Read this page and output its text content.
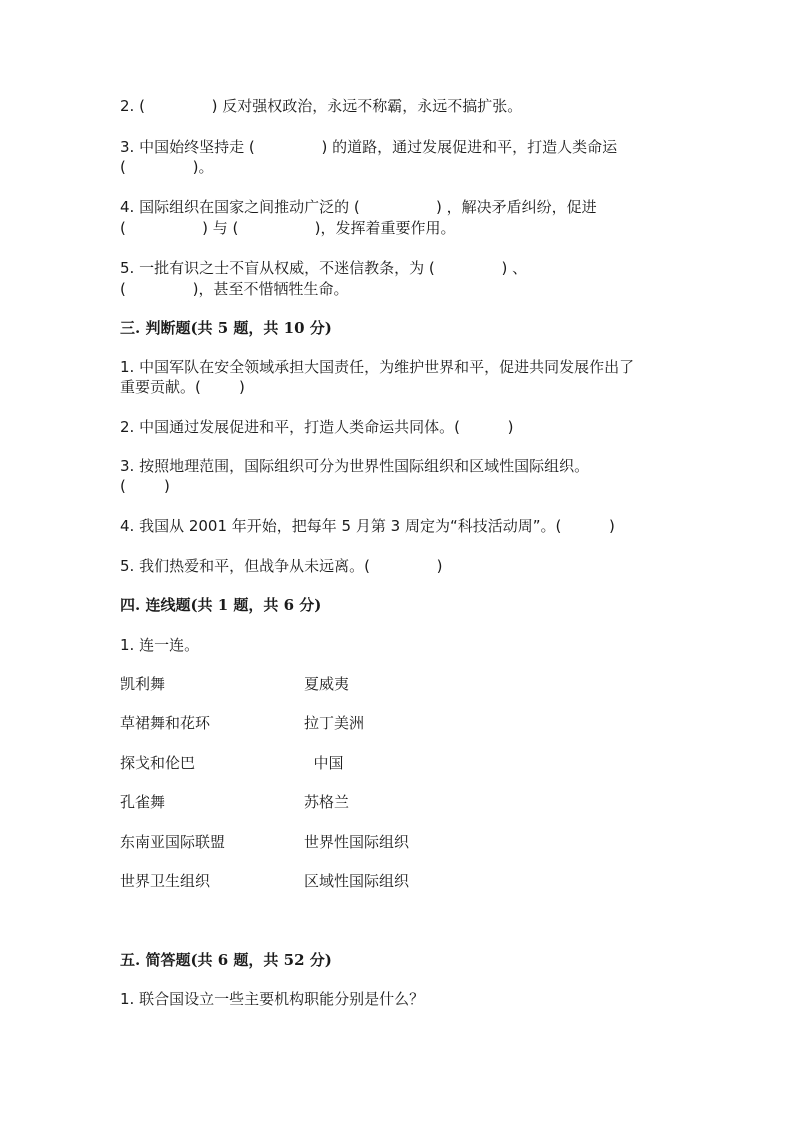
2. (              ) 反对强权政治，永远不称霸，永远不搞扩张。

3. 中国始终坚持走 (              ) 的道路，通过发展促进和平，打造人类命运

(              )。

4. 国际组织在国家之间推动广泛的 (                ) ，解决矛盾纠纷，促进

(                ) 与 (                )，发挥着重要作用。

5. 一批有识之士不盲从权威，不迷信教条，为 (              ) 、

(              )，甚至不惜牺牲生命。

三. 判断题(共 5 题，共 10 分)

1. 中国军队在安全领域承担大国责任，为维护世界和平，促进共同发展作出了

重要贡献。(        )

2. 中国通过发展促进和平，打造人类命运共同体。(          )

3. 按照地理范围，国际组织可分为世界性国际组织和区域性国际组织。

(        )

4. 我国从 2001 年开始，把每年 5 月第 3 周定为“科技活动周”。(          )

5. 我们热爱和平，但战争从未远离。(              )

四. 连线题(共 1 题，共 6 分)

1. 连一连。

凯利舞	夏威夷
草裙舞和花环	拉丁美洲
探戈和伦巴	中国
孔雀舞	苏格兰
东南亚国际联盟	世界性国际组织
世界卫生组织	区域性国际组织

五. 简答题(共 6 题，共 52 分)

1. 联合国设立一些主要机构职能分别是什么？
